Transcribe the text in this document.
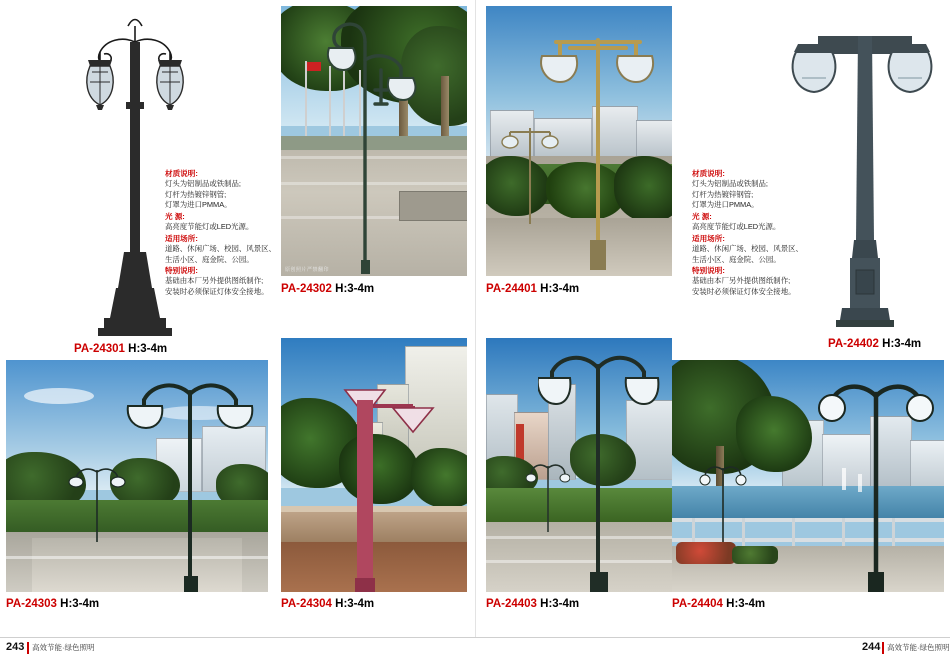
PA-24301 H:3-4m
材质说明:
灯头为铝制品或铁制品;
灯杆为热镀锌钢管;
灯罩为进口PMMA。
光 源:
高亮度节能灯或LED光源。
适用场所:
道路、休闲广场、校园、风景区、
生活小区、庭金院、公园。
特别说明:
基础由本厂另外提供图纸制作;
安装时必须保证灯体安全接地。
原创照片严禁翻印
PA-24302 H:3-4m	PA-24401 H:3-4m
材质说明:
灯头为铝制品或铁制品;
灯杆为热镀锌钢管;
灯罩为进口PMMA。
光 源:
高亮度节能灯或LED光源。
适用场所:
道路、休闲广场、校园、风景区、
生活小区、庭金院、公园。
特别说明:
基础由本厂另外提供图纸制作;
安装时必须保证灯体安全接地。
PA-24402 H:3-4m
PA-24303 H:3-4m	PA-24304 H:3-4m	PA-24403 H:3-4m	PA-24404 H:3-4m
243 高效节能·绿色照明	244 高效节能·绿色照明
